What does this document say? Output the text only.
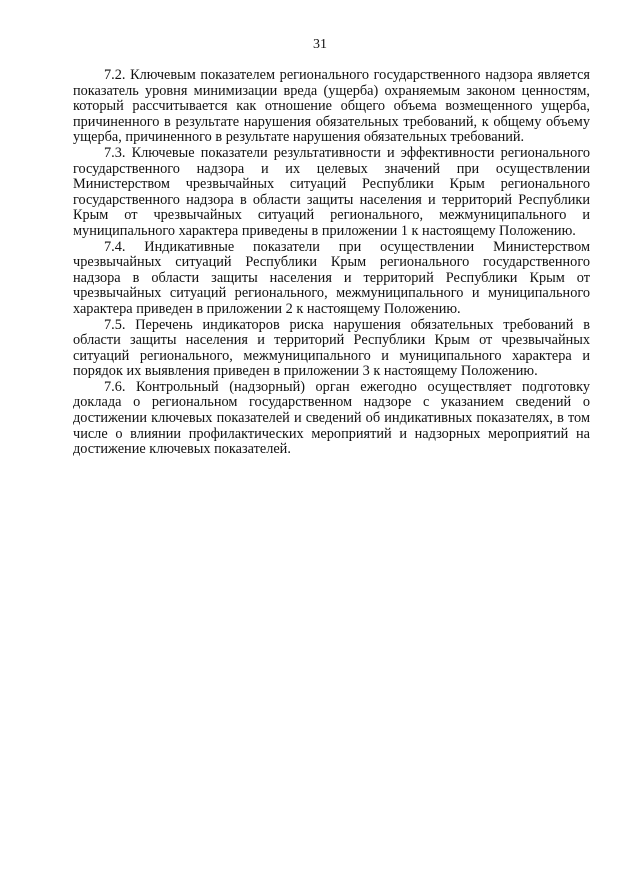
31

7.2. Ключевым показателем регионального государственного надзора является показатель уровня минимизации вреда (ущерба) охраняемым законом ценностям, который рассчитывается как отношение общего объема возмещенного ущерба, причиненного в результате нарушения обязательных требований, к общему объему ущерба, причиненного в результате нарушения обязательных требований.

7.3. Ключевые показатели результативности и эффективности регионального государственного надзора и их целевых значений при осуществлении Министерством чрезвычайных ситуаций Республики Крым регионального государственного надзора в области защиты населения и территорий Республики Крым от чрезвычайных ситуаций регионального, межмуниципального и муниципального характера приведены в приложении 1 к настоящему Положению.

7.4. Индикативные показатели при осуществлении Министерством чрезвычайных ситуаций Республики Крым регионального государственного надзора в области защиты населения и территорий Республики Крым от чрезвычайных ситуаций регионального, межмуниципального и муниципального характера приведен в приложении 2 к настоящему Положению.

7.5. Перечень индикаторов риска нарушения обязательных требований в области защиты населения и территорий Республики Крым от чрезвычайных ситуаций регионального, межмуниципального и муниципального характера и порядок их выявления приведен в приложении 3 к настоящему Положению.

7.6. Контрольный (надзорный) орган ежегодно осуществляет подготовку доклада о региональном государственном надзоре с указанием сведений о достижении ключевых показателей и сведений об индикативных показателях, в том числе о влиянии профилактических мероприятий и надзорных мероприятий на достижение ключевых показателей.
